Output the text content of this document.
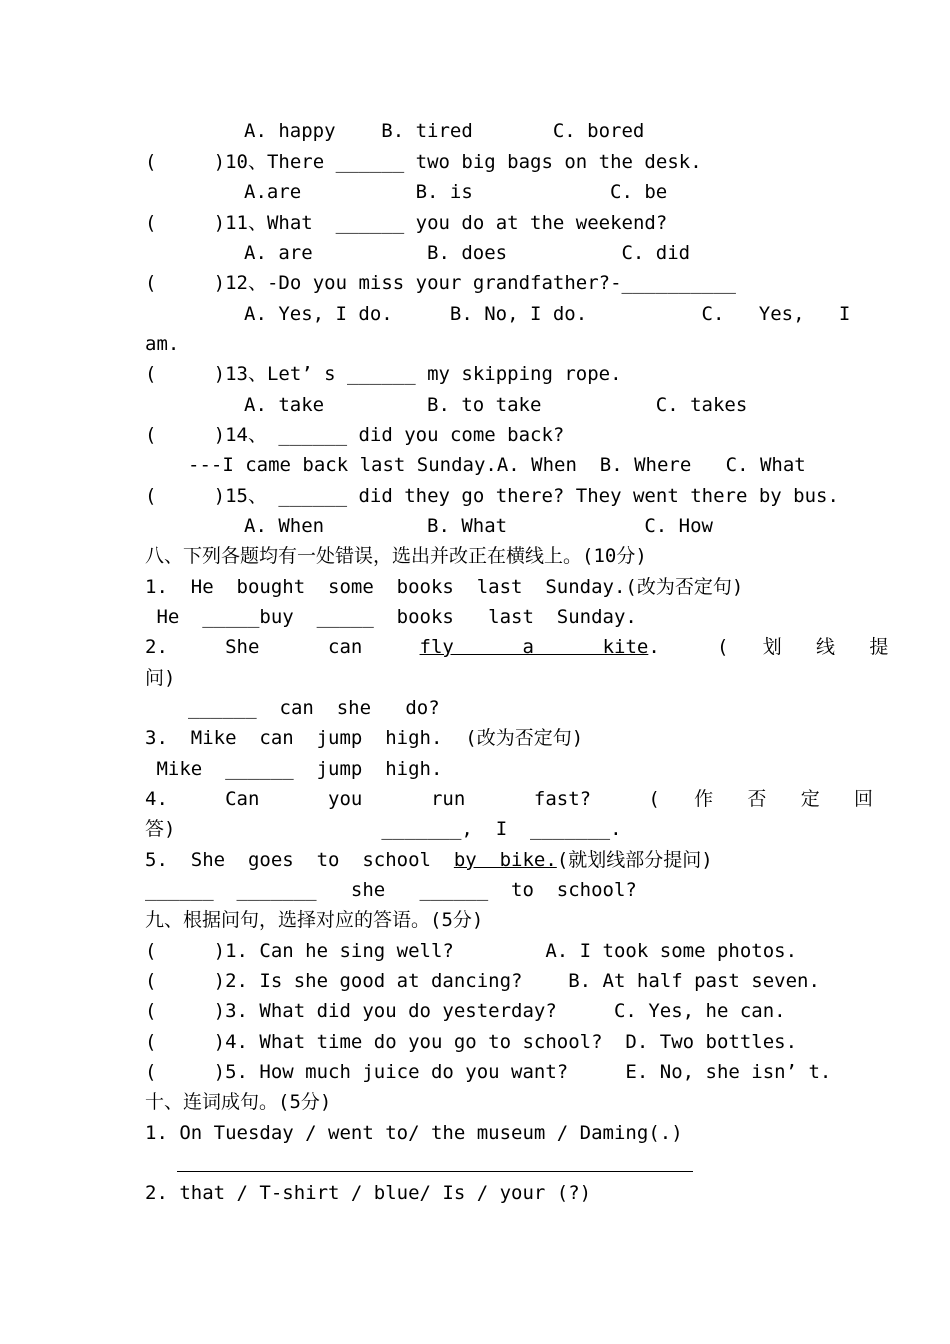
A. happy    B. tired       C. bored
(     )10、There ______ two big bags on the desk.
A.are          B. is            C. be
(     )11、What  ______ you do at the weekend?
A. are          B. does          C. did
(     )12、-Do you miss your grandfather?-__________
A. Yes, I do.     B. No, I do.          C.   Yes,   I
am.
(     )13、Let’ s ______ my skipping rope.
A. take         B. to take          C. takes
(     )14、 ______ did you come back?
---I came back last Sunday.A. When  B. Where   C. What
(     )15、 ______ did they go there? They went there by bus.
A. When         B. What            C. How
八、下列各题均有一处错误，选出并改正在横线上。(10分)
1.  He  bought  some  books  last  Sunday.(改为否定句)
He  _____buy  _____  books   last  Sunday.
2.     She      can     fly      a      kite.     (   划   线   提
问)
______  can  she   do?
3.  Mike  can  jump  high.  (改为否定句)
Mike  ______  jump  high.
4.     Can      you      run      fast?     (   作   否   定   回
答)                  _______,  I  _______.
5.  She  goes  to  school  by  bike.(就划线部分提问)
______  _______   she   ______  to  school?
九、根据问句，选择对应的答语。(5分)
(     )1. Can he sing well?        A. I took some photos.
(     )2. Is she good at dancing?    B. At half past seven.
(     )3. What did you do yesterday?     C. Yes, he can.
(     )4. What time do you go to school?  D. Two bottles.
(     )5. How much juice do you want?     E. No, she isn’ t.
十、连词成句。(5分)
1. On Tuesday / went to/ the museum / Daming(.)
2. that / T-shirt / blue/ Is / your (?)
